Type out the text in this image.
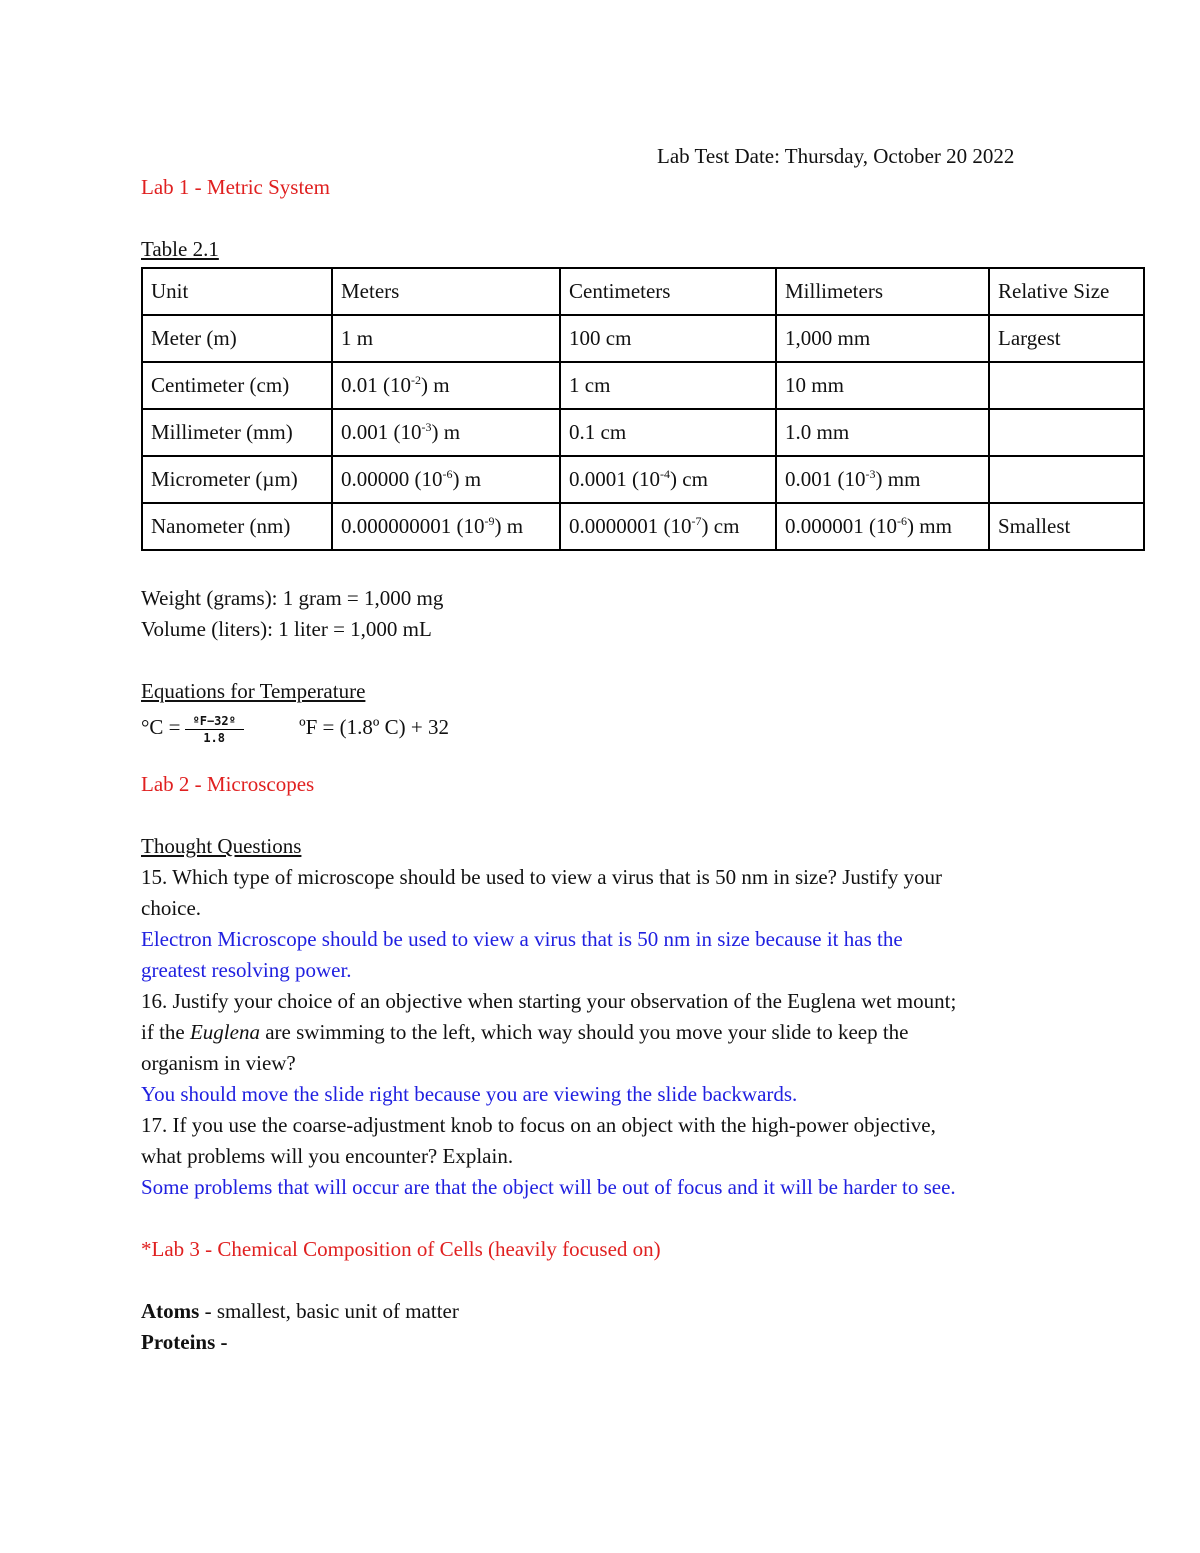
Lab Test Date: Thursday, October 20 2022
Lab 1 - Metric System
Table 2.1
Unit	Meters	Centimeters	Millimeters	Relative Size
Meter (m)	1 m	100 cm	1,000 mm	Largest
Centimeter (cm)	0.01 $(10^{-2})$ m	1 cm	10 mm	
Millimeter (mm)	0.001 $(10^{-3})$ m	0.1 cm	1.0 mm	
Micrometer (µm)	0.00000 $(10^{-6})$ m	0.0001 $(10^{-4})$ cm	0.001 $(10^{-3})$ mm	
Nanometer (nm)	0.000000001 $(10^{-9})$ m	0.0000001 $(10^{-7})$ cm	0.000001 $(10^{-6})$ mm	Smallest
Weight (grams): 1 gram = 1,000 mg
Volume (liters): 1 liter = 1,000 mL
Equations for Temperature
$^\circ C = \frac{\text{ºF−32º}}{1.8}$	ºF = (1.8º C) + 32
Lab 2 - Microscopes
Thought Questions
15. Which type of microscope should be used to view a virus that is 50 nm in size? Justify your
choice.
Electron Microscope should be used to view a virus that is 50 nm in size because it has the
greatest resolving power.
16. Justify your choice of an objective when starting your observation of the Euglena wet mount;
if the Euglena are swimming to the left, which way should you move your slide to keep the
organism in view?
You should move the slide right because you are viewing the slide backwards.
17. If you use the coarse-adjustment knob to focus on an object with the high-power objective,
what problems will you encounter? Explain.
Some problems that will occur are that the object will be out of focus and it will be harder to see.
*Lab 3 - Chemical Composition of Cells (heavily focused on)
Atoms - smallest, basic unit of matter
Proteins -
